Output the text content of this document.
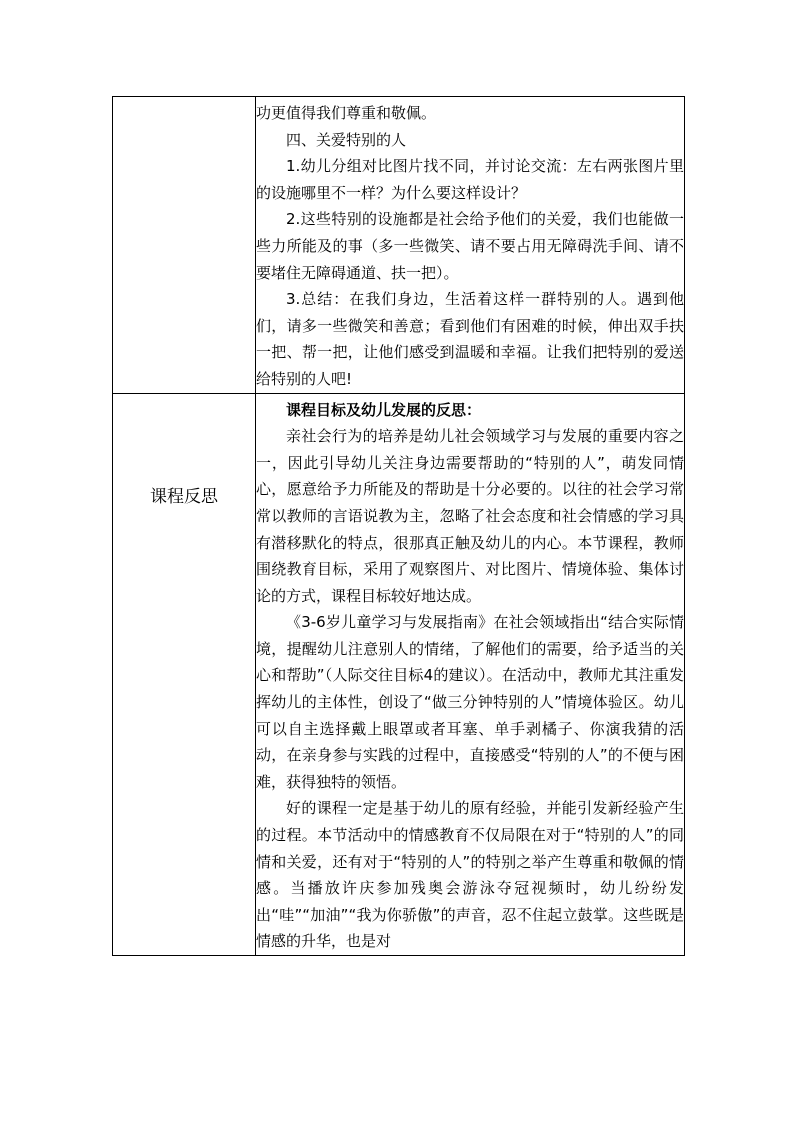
	功更值得我们尊重和敬佩。

四、关爱特别的人

1.幼儿分组对比图片找不同，并讨论交流：左右两张图片里的设施哪里不一样？为什么要这样设计？

2.这些特别的设施都是社会给予他们的关爱，我们也能做一些力所能及的事（多一些微笑、请不要占用无障碍洗手间、请不要堵住无障碍通道、扶一把）。

3.总结：在我们身边，生活着这样一群特别的人。遇到他们，请多一些微笑和善意；看到他们有困难的时候，伸出双手扶一把、帮一把，让他们感受到温暖和幸福。让我们把特别的爱送给特别的人吧!

课程反思	课程目标及幼儿发展的反思：

亲社会行为的培养是幼儿社会领域学习与发展的重要内容之一，因此引导幼儿关注身边需要帮助的“特别的人”，萌发同情心，愿意给予力所能及的帮助是十分必要的。以往的社会学习常常以教师的言语说教为主，忽略了社会态度和社会情感的学习具有潜移默化的特点，很那真正触及幼儿的内心。本节课程，教师围绕教育目标，采用了观察图片、对比图片、情境体验、集体讨论的方式，课程目标较好地达成。

《3-6岁儿童学习与发展指南》在社会领域指出“结合实际情境，提醒幼儿注意别人的情绪，了解他们的需要，给予适当的关心和帮助”（人际交往目标4的建议）。在活动中，教师尤其注重发挥幼儿的主体性，创设了“做三分钟特别的人”情境体验区。幼儿可以自主选择戴上眼罩或者耳塞、单手剥橘子、你演我猜的活动，在亲身参与实践的过程中，直接感受“特别的人”的不便与困难，获得独特的领悟。

好的课程一定是基于幼儿的原有经验，并能引发新经验产生的过程。本节活动中的情感教育不仅局限在对于“特别的人”的同情和关爱，还有对于“特别的人”的特别之举产生尊重和敬佩的情感。当播放许庆参加残奥会游泳夺冠视频时，幼儿纷纷发出“哇”“加油”“我为你骄傲”的声音，忍不住起立鼓掌。这些既是情感的升华，也是对
